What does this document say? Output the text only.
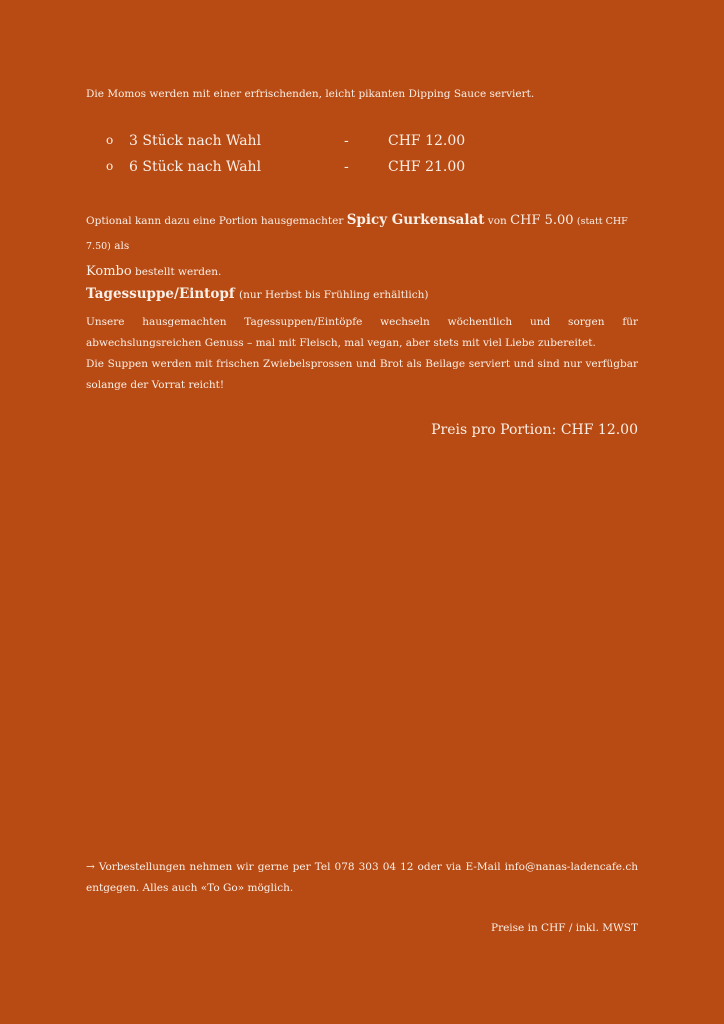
Die Momos werden mit einer erfrischenden, leicht pikanten Dipping Sauce serviert.
o 3 Stück nach Wahl	-	CHF 12.00
o 6 Stück nach Wahl	-	CHF 21.00
Optional kann dazu eine Portion hausgemachter Spicy Gurkensalat von CHF 5.00 (statt CHF 7.50) als
Kombo bestellt werden.
Tagessuppe/Eintopf (nur Herbst bis Frühling erhältlich)

Unsere hausgemachten Tagessuppen/Eintöpfe wechseln wöchentlich und sorgen für abwechslungsreichen Genuss – mal mit Fleisch, mal vegan, aber stets mit viel Liebe zubereitet.

Die Suppen werden mit frischen Zwiebelsprossen und Brot als Beilage serviert und sind nur verfügbar solange der Vorrat reicht!

Preis pro Portion: CHF 12.00
→ Vorbestellungen nehmen wir gerne per Tel 078 303 04 12 oder via E-Mail info@nanas-ladencafe.ch entgegen. Alles auch «To Go» möglich.
Preise in CHF / inkl. MWST
